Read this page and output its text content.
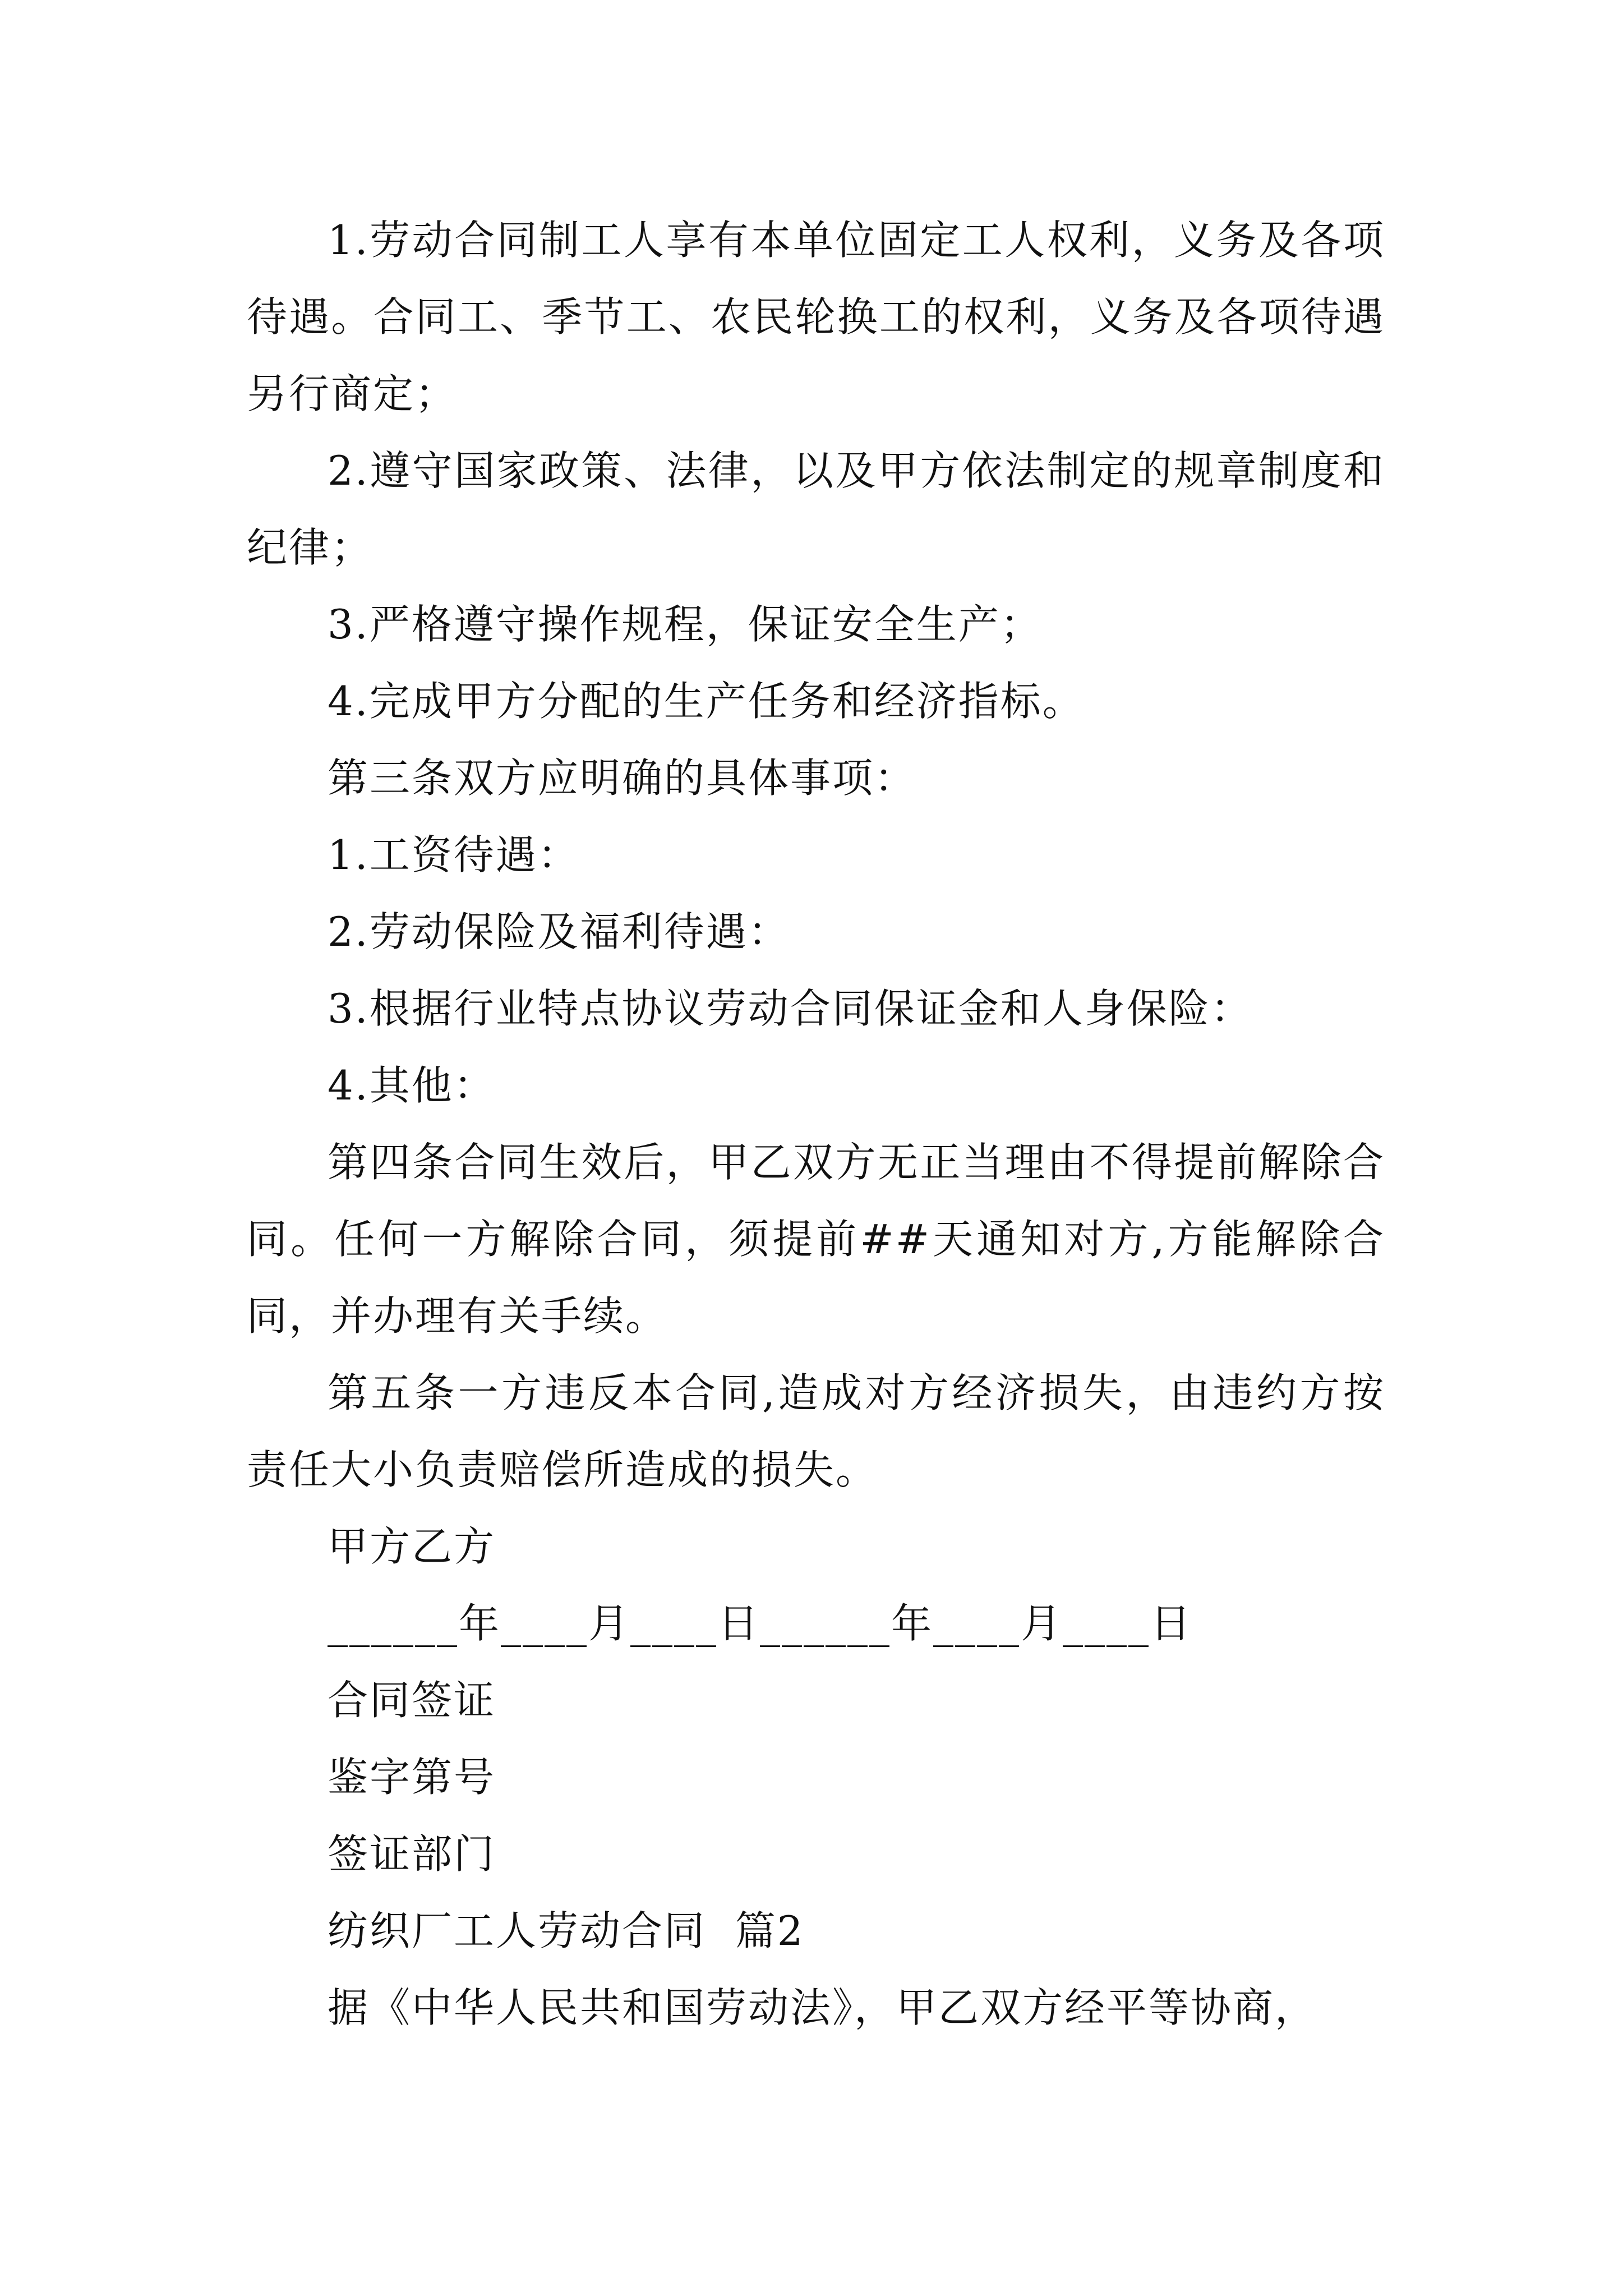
1.劳动合同制工人享有本单位固定工人权利，义务及各项待遇。合同工、季节工、农民轮换工的权利，义务及各项待遇另行商定；

2.遵守国家政策、法律，以及甲方依法制定的规章制度和纪律；

3.严格遵守操作规程，保证安全生产；

4.完成甲方分配的生产任务和经济指标。

第三条双方应明确的具体事项：

1.工资待遇：

2.劳动保险及福利待遇：

3.根据行业特点协议劳动合同保证金和人身保险：

4.其他：

第四条合同生效后，甲乙双方无正当理由不得提前解除合同。任何一方解除合同，须提前##天通知对方,方能解除合同，并办理有关手续。

第五条一方违反本合同,造成对方经济损失，由违约方按责任大小负责赔偿所造成的损失。

甲方乙方

______年____月____日______年____月____日

合同签证

鉴字第号

签证部门

纺织厂工人劳动合同  篇2

据《中华人民共和国劳动法》，甲乙双方经平等协商，
